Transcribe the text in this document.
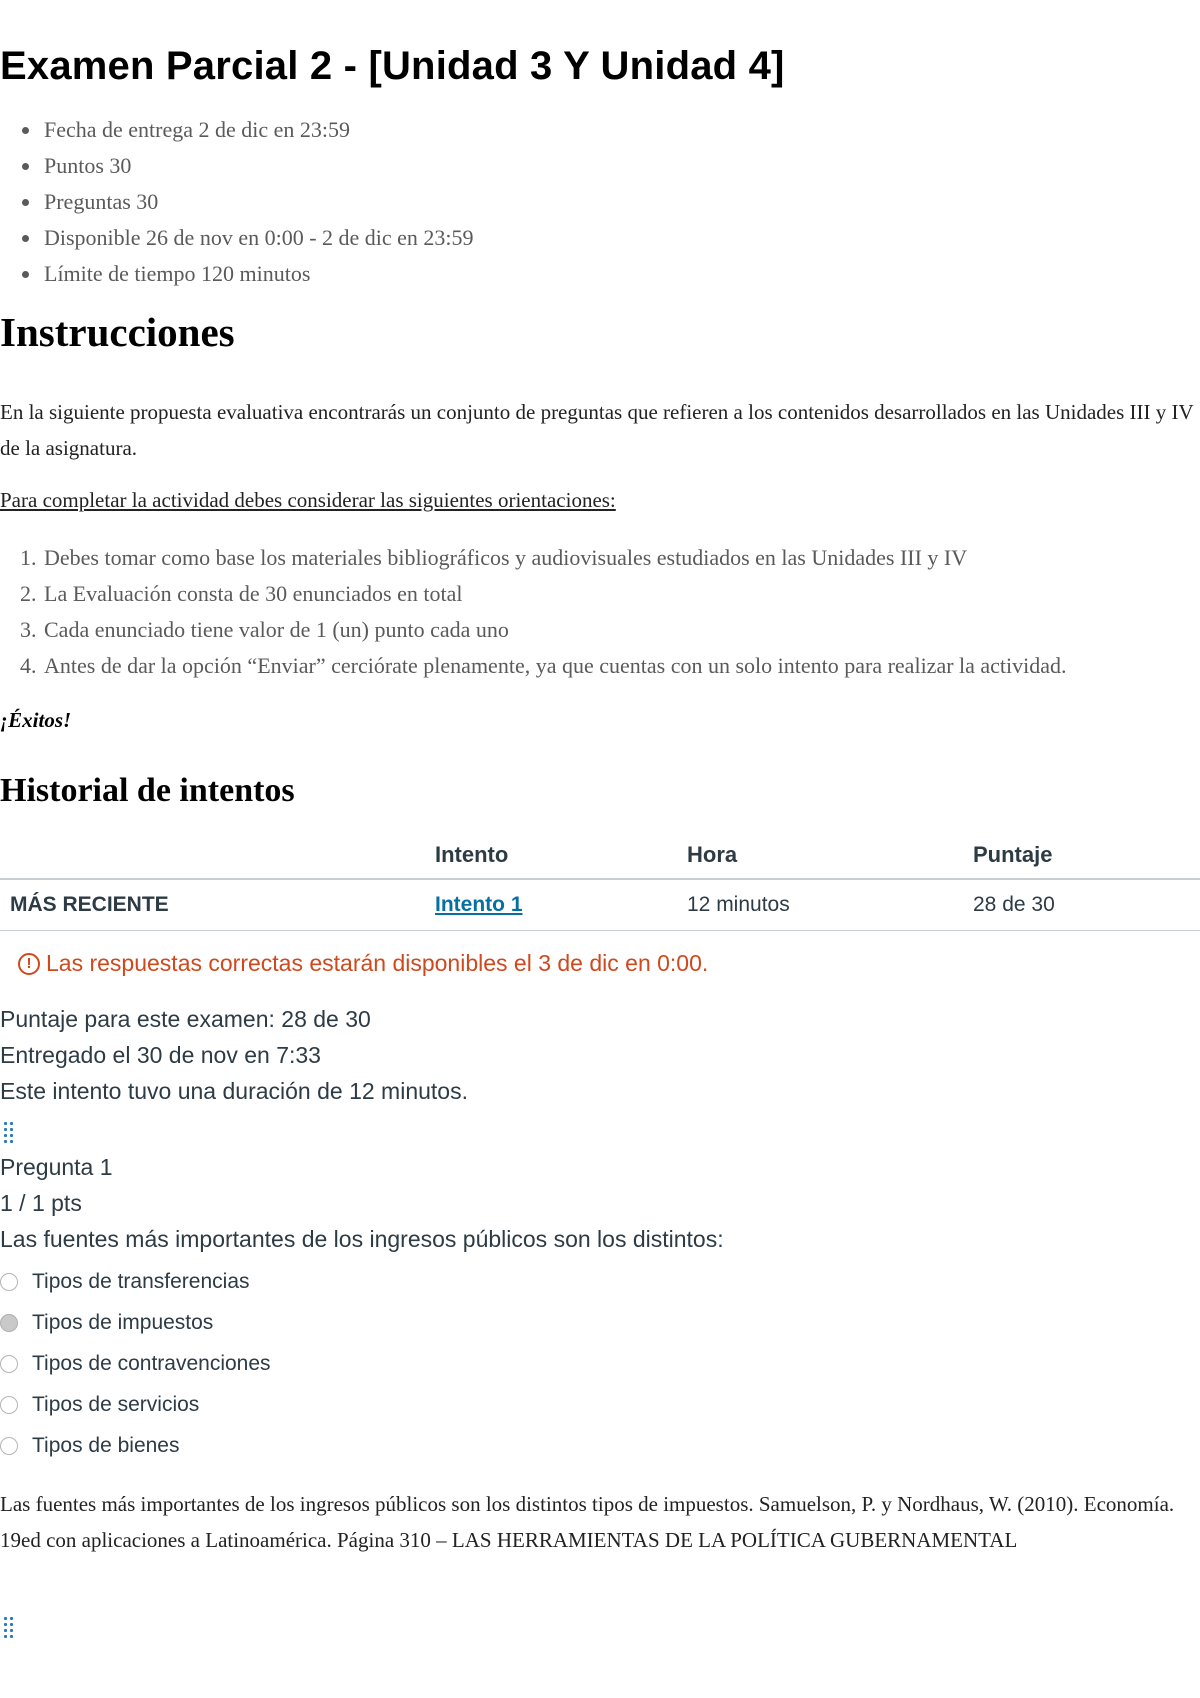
Examen Parcial 2 - [Unidad 3 Y Unidad 4]
Fecha de entrega 2 de dic en 23:59
Puntos 30
Preguntas 30
Disponible 26 de nov en 0:00 - 2 de dic en 23:59
Límite de tiempo 120 minutos
Instrucciones

En la siguiente propuesta evaluativa encontrarás un conjunto de preguntas que refieren a los contenidos desarrollados en las Unidades III y IV de la asignatura.

Para completar la actividad debes considerar las siguientes orientaciones:

1. Debes tomar como base los materiales bibliográficos y audiovisuales estudiados en las Unidades III y IV
2. La Evaluación consta de 30 enunciados en total
3. Cada enunciado tiene valor de 1 (un) punto cada uno
4. Antes de dar la opción “Enviar” cerciórate plenamente, ya que cuentas con un solo intento para realizar la actividad.

¡Éxitos!

Historial de intentos
	Intento	Hora	Puntaje
MÁS RECIENTE	Intento 1	12 minutos	28 de 30
! Las respuestas correctas estarán disponibles el 3 de dic en 0:00.

Puntaje para este examen: 28 de 30

Entregado el 30 de nov en 7:33

Este intento tuvo una duración de 12 minutos.

Pregunta 1

1 / 1 pts

Las fuentes más importantes de los ingresos públicos son los distintos:

Tipos de transferencias
Tipos de impuestos
Tipos de contravenciones
Tipos de servicios
Tipos de bienes

Las fuentes más importantes de los ingresos públicos son los distintos tipos de impuestos. Samuelson, P. y Nordhaus, W. (2010). Economía. 19ed con aplicaciones a Latinoamérica. Página 310 – LAS HERRAMIENTAS DE LA POLÍTICA GUBERNAMENTAL
